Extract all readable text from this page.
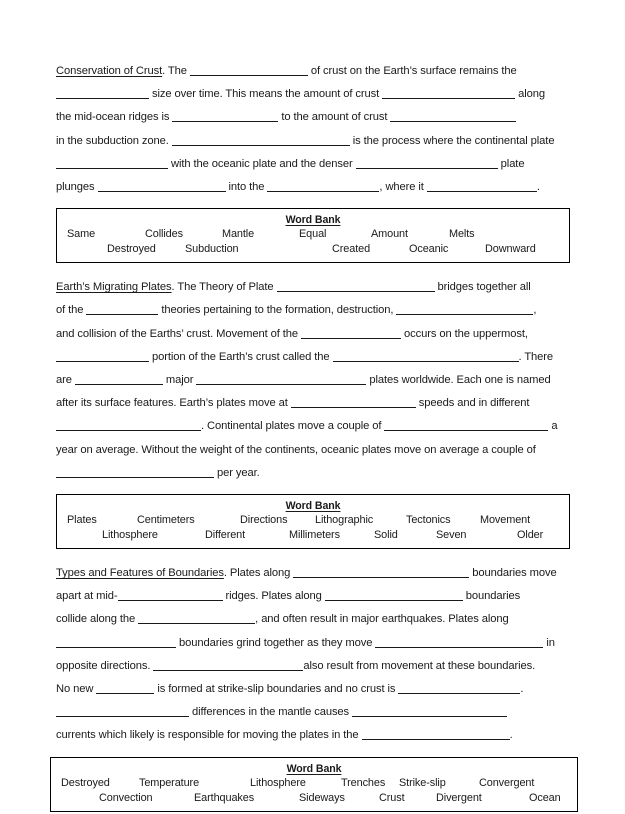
Conservation of Crust. The	of crust on the Earth’s surface remains the
size over time. This means the amount of crust	along
the mid-ocean ridges is	to the amount of crust
in the subduction zone.	is the process where the continental plate
with the oceanic plate and the denser	plate
plunges	into the	, where it	.
Word Bank
Same	Collides	Mantle	Equal	Amount	Melts
Destroyed	Subduction	Created	Oceanic	Downward
Earth’s Migrating Plates. The Theory of Plate	bridges together all
of the	theories pertaining to the formation, destruction,	,
and collision of the Earths’ crust. Movement of the	occurs on the uppermost,
portion of the Earth’s crust called the	. There
are	major	plates worldwide. Each one is named
after its surface features. Earth’s plates move at	speeds and in different
. Continental plates move a couple of	a
year on average. Without the weight of the continents, oceanic plates move on average a couple of
per year.
Word Bank
Plates	Centimeters	Directions	Lithographic	Tectonics	Movement
Lithosphere	Different	Millimeters	Solid	Seven	Older
Types and Features of Boundaries. Plates along	boundaries move
apart at mid-	ridges. Plates along	boundaries
collide along the	, and often result in major earthquakes. Plates along
boundaries grind together as they move	in
opposite directions.	also result from movement at these boundaries.
No new	is formed at strike-slip boundaries and no crust is	.
differences in the mantle causes
currents which likely is responsible for moving the plates in the	.
Word Bank
Destroyed	Temperature	Lithosphere	Trenches Strike-slip	Convergent
Convection	Earthquakes	Sideways	Crust	Divergent	Ocean
